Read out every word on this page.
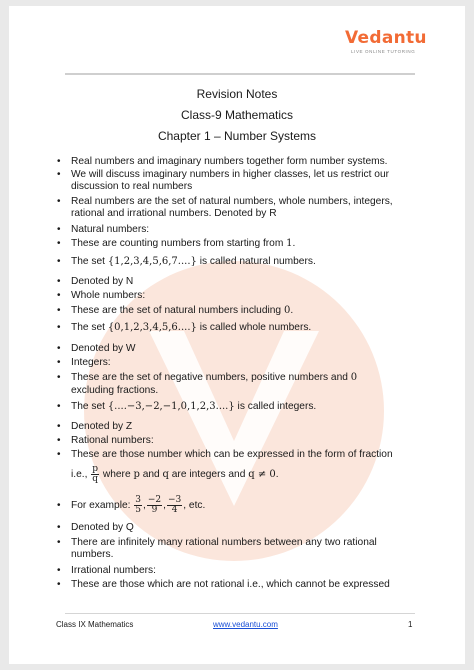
Vedantu
LIVE ONLINE TUTORING
Revision Notes
Class-9 Mathematics
Chapter 1 – Number Systems
• Real numbers and imaginary numbers together form number systems.
• We will discuss imaginary numbers in higher classes, let us restrict our
discussion to real numbers
• Real numbers are the set of natural numbers, whole numbers, integers,
rational and irrational numbers. Denoted by R
• Natural numbers:
• These are counting numbers from starting from 1.
• The set {1,2,3,4,5,6,7....} is called natural numbers.
• Denoted by N
• Whole numbers:
• These are the set of natural numbers including 0.
• The set {0,1,2,3,4,5,6....} is called whole numbers.
• Denoted by W
• Integers:
• These are the set of negative numbers, positive numbers and 0
excluding fractions.
• The set {....−3,−2,−1,0,1,2,3....} is called integers.
• Denoted by Z
• Rational numbers:
• These are those number which can be expressed in the form of fraction
i.e., $\frac{p}{q}$ where p and q are integers and q ≠ 0.
• For example: $\frac{3}{5}$ , $\frac{-2}{9}$ , $\frac{-3}{4}$ , etc.
• Denoted by Q
• There are infinitely many rational numbers between any two rational
numbers.
• Irrational numbers:
• These are those which are not rational i.e., which cannot be expressed
Class IX Mathematics	www.vedantu.com	1
